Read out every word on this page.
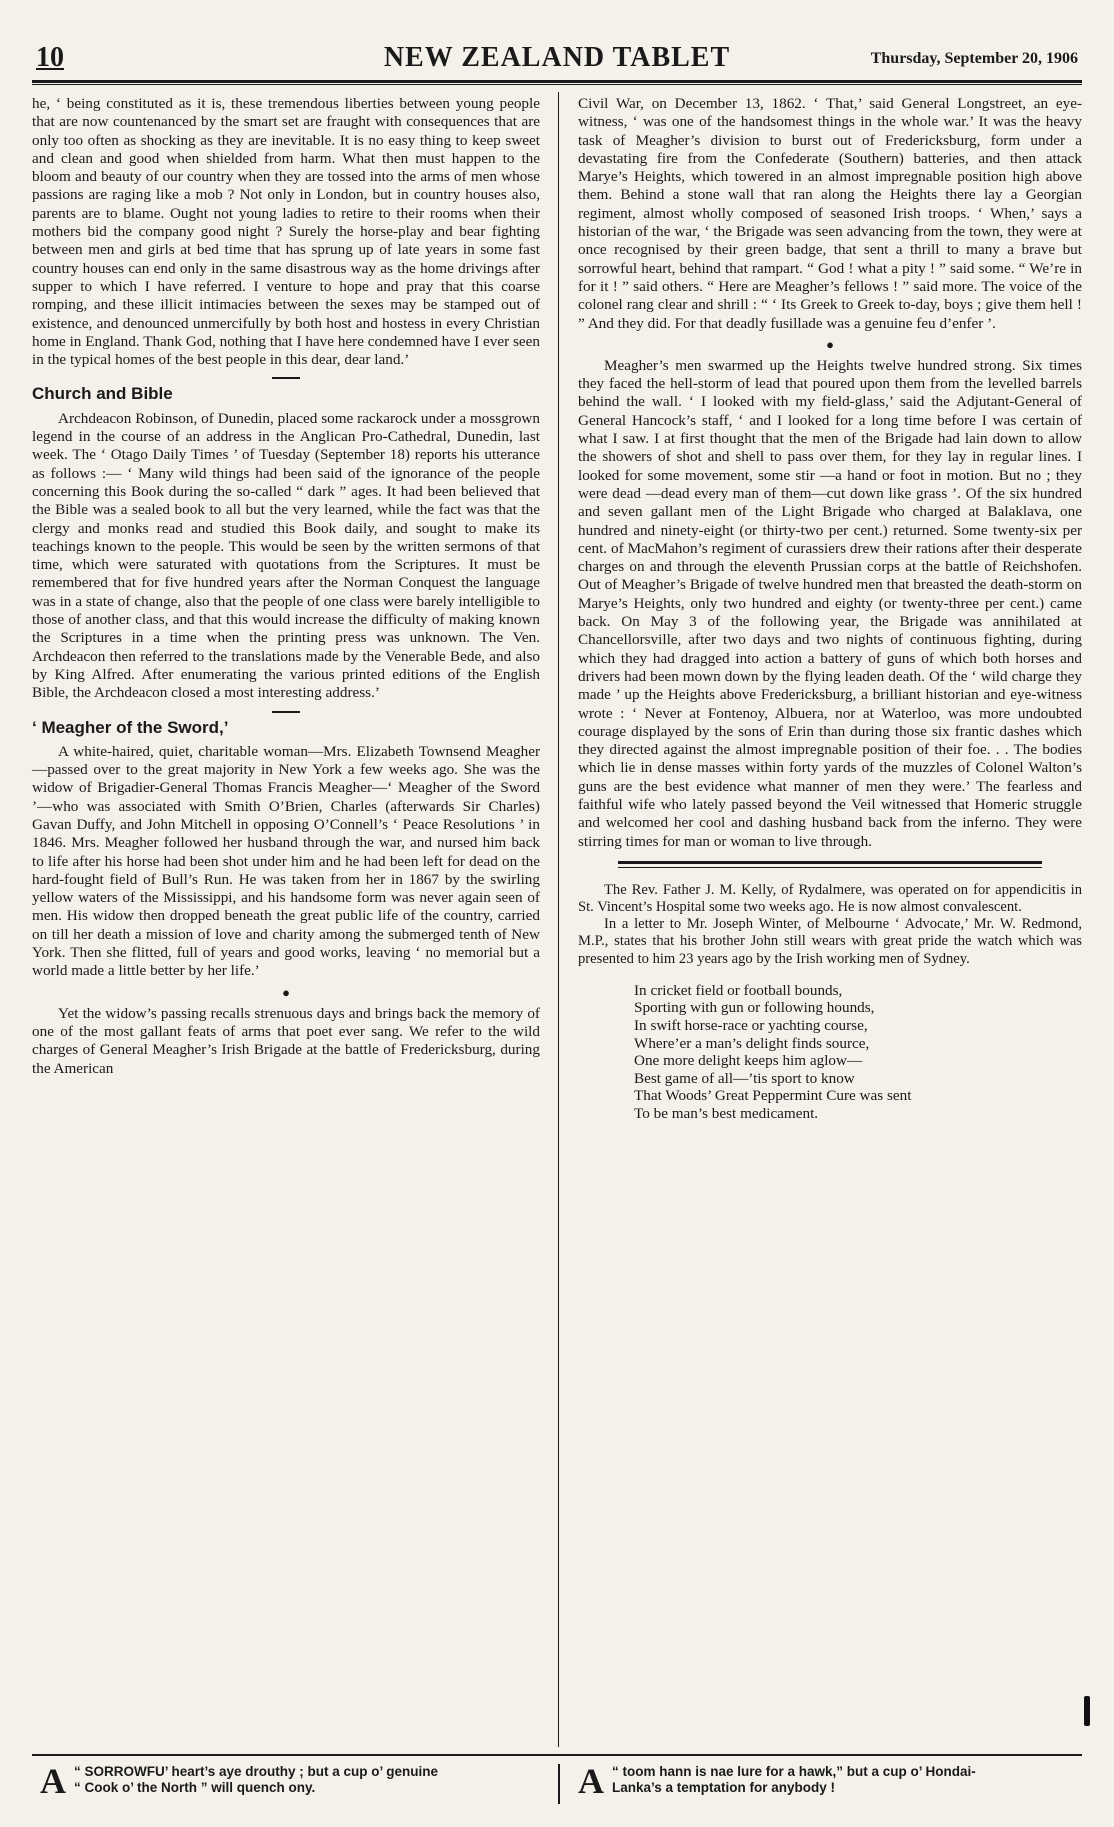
10	NEW ZEALAND TABLET	Thursday, September 20, 1906

he, ‘ being constituted as it is, these tremendous liberties between young people that are now countenanced by the smart set are fraught with consequences that are only too often as shocking as they are inevitable. It is no easy thing to keep sweet and clean and good when shielded from harm. What then must happen to the bloom and beauty of our country when they are tossed into the arms of men whose passions are raging like a mob ? Not only in London, but in country houses also, parents are to blame. Ought not young ladies to retire to their rooms when their mothers bid the company good night ? Surely the horse-play and bear fighting between men and girls at bed time that has sprung up of late years in some fast country houses can end only in the same disastrous way as the home drivings after supper to which I have referred. I venture to hope and pray that this coarse romping, and these illicit intimacies between the sexes may be stamped out of existence, and denounced unmercifully by both host and hostess in every Christian home in England. Thank God, nothing that I have here condemned have I ever seen in the typical homes of the best people in this dear, dear land.’

Church and Bible

Archdeacon Robinson, of Dunedin, placed some rackarock under a mossgrown legend in the course of an address in the Anglican Pro-Cathedral, Dunedin, last week. The ‘ Otago Daily Times ’ of Tuesday (September 18) reports his utterance as follows :— ‘ Many wild things had been said of the ignorance of the people concerning this Book during the so-called “ dark ” ages. It had been believed that the Bible was a sealed book to all but the very learned, while the fact was that the clergy and monks read and studied this Book daily, and sought to make its teachings known to the people. This would be seen by the written sermons of that time, which were saturated with quotations from the Scriptures. It must be remembered that for five hundred years after the Norman Conquest the language was in a state of change, also that the people of one class were barely intelligible to those of another class, and that this would increase the difficulty of making known the Scriptures in a time when the printing press was unknown. The Ven. Archdeacon then referred to the translations made by the Venerable Bede, and also by King Alfred. After enumerating the various printed editions of the English Bible, the Archdeacon closed a most interesting address.’

‘ Meagher of the Sword,’

A white-haired, quiet, charitable woman—Mrs. Elizabeth Townsend Meagher—passed over to the great majority in New York a few weeks ago. She was the widow of Brigadier-General Thomas Francis Meagher—‘ Meagher of the Sword ’—who was associated with Smith O’Brien, Charles (afterwards Sir Charles) Gavan Duffy, and John Mitchell in opposing O’Connell’s ‘ Peace Resolutions ’ in 1846. Mrs. Meagher followed her husband through the war, and nursed him back to life after his horse had been shot under him and he had been left for dead on the hard-fought field of Bull’s Run. He was taken from her in 1867 by the swirling yellow waters of the Mississippi, and his handsome form was never again seen of men. His widow then dropped beneath the great public life of the country, carried on till her death a mission of love and charity among the submerged tenth of New York. Then she flitted, full of years and good works, leaving ‘ no memorial but a world made a little better by her life.’

●

Yet the widow’s passing recalls strenuous days and brings back the memory of one of the most gallant feats of arms that poet ever sang. We refer to the wild charges of General Meagher’s Irish Brigade at the battle of Fredericksburg, during the American

Civil War, on December 13, 1862. ‘ That,’ said General Longstreet, an eye-witness, ‘ was one of the handsomest things in the whole war.’ It was the heavy task of Meagher’s division to burst out of Fredericksburg, form under a devastating fire from the Confederate (Southern) batteries, and then attack Marye’s Heights, which towered in an almost impregnable position high above them. Behind a stone wall that ran along the Heights there lay a Georgian regiment, almost wholly composed of seasoned Irish troops. ‘ When,’ says a historian of the war, ‘ the Brigade was seen advancing from the town, they were at once recognised by their green badge, that sent a thrill to many a brave but sorrowful heart, behind that rampart. “ God ! what a pity ! ” said some. “ We’re in for it ! ” said others. “ Here are Meagher’s fellows ! ” said more. The voice of the colonel rang clear and shrill : “ ‘ Its Greek to Greek to-day, boys ; give them hell ! ” And they did. For that deadly fusillade was a genuine feu d’enfer ’.

●

Meagher’s men swarmed up the Heights twelve hundred strong. Six times they faced the hell-storm of lead that poured upon them from the levelled barrels behind the wall. ‘ I looked with my field-glass,’ said the Adjutant-General of General Hancock’s staff, ‘ and I looked for a long time before I was certain of what I saw. I at first thought that the men of the Brigade had lain down to allow the showers of shot and shell to pass over them, for they lay in regular lines. I looked for some movement, some stir —a hand or foot in motion. But no ; they were dead —dead every man of them—cut down like grass ’. Of the six hundred and seven gallant men of the Light Brigade who charged at Balaklava, one hundred and ninety-eight (or thirty-two per cent.) returned. Some twenty-six per cent. of MacMahon’s regiment of curassiers drew their rations after their desperate charges on and through the eleventh Prussian corps at the battle of Reichshofen. Out of Meagher’s Brigade of twelve hundred men that breasted the death-storm on Marye’s Heights, only two hundred and eighty (or twenty-three per cent.) came back. On May 3 of the following year, the Brigade was annihilated at Chancellorsville, after two days and two nights of continuous fighting, during which they had dragged into action a battery of guns of which both horses and drivers had been mown down by the flying leaden death. Of the ‘ wild charge they made ’ up the Heights above Fredericksburg, a brilliant historian and eye-witness wrote : ‘ Never at Fontenoy, Albuera, nor at Waterloo, was more undoubted courage displayed by the sons of Erin than during those six frantic dashes which they directed against the almost impregnable position of their foe. . . The bodies which lie in dense masses within forty yards of the muzzles of Colonel Walton’s guns are the best evidence what manner of men they were.’ The fearless and faithful wife who lately passed beyond the Veil witnessed that Homeric struggle and welcomed her cool and dashing husband back from the inferno. They were stirring times for man or woman to live through.

The Rev. Father J. M. Kelly, of Rydalmere, was operated on for appendicitis in St. Vincent’s Hospital some two weeks ago. He is now almost convalescent.

In a letter to Mr. Joseph Winter, of Melbourne ‘ Advocate,’ Mr. W. Redmond, M.P., states that his brother John still wears with great pride the watch which was presented to him 23 years ago by the Irish working men of Sydney.

In cricket field or football bounds,
Sporting with gun or following hounds,
In swift horse-race or yachting course,
Where’er a man’s delight finds source,
One more delight keeps him aglow—
Best game of all—’tis sport to know
That Woods’ Great Peppermint Cure was sent
To be man’s best medicament.
A “ SORROWFU’ heart’s aye drouthy ; but a cup o’ genuine
“ Cook o’ the North ” will quench ony.	A “ toom hann is nae lure for a hawk,” but a cup o’ Hondai-
Lanka’s a temptation for anybody !
